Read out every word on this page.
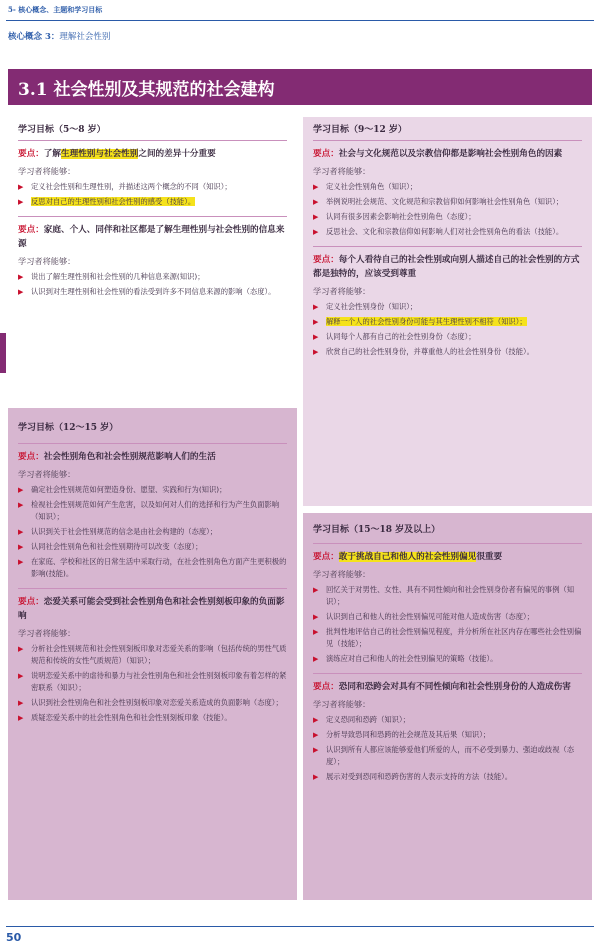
5- 核心概念、主题和学习目标
核心概念 3：理解社会性别
3.1 社会性别及其规范的社会建构
学习目标（5～8 岁）
要点：了解生理性别与社会性别之间的差异十分重要
学习者将能够：
▶ 定义社会性别和生理性别，并描述这两个概念的不同（知识）；
▶ 反思对自己的生理性别和社会性别的感受（技能）。
要点：家庭、个人、同伴和社区都是了解生理性别与社会性别的信息来源
学习者将能够：
▶ 说出了解生理性别和社会性别的几种信息来源(知识)；
▶ 认识到对生理性别和社会性别的看法受到许多不同信息来源的影响（态度）。
学习目标（9～12 岁）
要点：社会与文化规范以及宗教信仰都是影响社会性别角色的因素
学习者将能够：
▶ 定义社会性别角色（知识）；
▶ 举例说明社会规范、文化规范和宗教信仰如何影响社会性别角色（知识）；
▶ 认同有很多因素会影响社会性别角色（态度）；
▶ 反思社会、文化和宗教信仰如何影响人们对社会性别角色的看法（技能）。
要点：每个人看待自己的社会性别或向别人描述自己的社会性别的方式都是独特的，应该受到尊重
学习者将能够：
▶ 定义社会性别身份（知识）；
▶ 解释一个人的社会性别身份可能与其生理性别不相符（知识）；
▶ 认同每个人都有自己的社会性别身份（态度）；
▶ 欣赏自己的社会性别身份，并尊重他人的社会性别身份（技能）。
学习目标（12～15 岁）
要点：社会性别角色和社会性别规范影响人们的生活
学习者将能够：
▶ 确定社会性别规范如何塑造身份、愿望、实践和行为(知识)；
▶ 检视社会性别规范如何产生危害，以及如何对人们的选择和行为产生负面影响（知识）；
▶ 认识到关于社会性别规范的信念是由社会构建的（态度）；
▶ 认同社会性别角色和社会性别期待可以改变（态度）；
▶ 在家庭、学校和社区的日常生活中采取行动，在社会性别角色方面产生更积极的影响(技能)。
要点：恋爱关系可能会受到社会性别角色和社会性别刻板印象的负面影响
学习者将能够：
▶ 分析社会性别规范和社会性别刻板印象对恋爱关系的影响（包括传统的男性气质规范和传统的女性气质规范）（知识）；
▶ 说明恋爱关系中的虐待和暴力与社会性别角色和社会性别刻板印象有着怎样的紧密联系（知识）；
▶ 认识到社会性别角色和社会性别刻板印象对恋爱关系造成的负面影响（态度）；
▶ 质疑恋爱关系中的社会性别角色和社会性别刻板印象（技能）。
学习目标（15～18 岁及以上）
要点：敢于挑战自己和他人的社会性别偏见很重要
学习者将能够：
▶ 回忆关于对男性、女性、具有不同性倾向和社会性别身份者有偏见的事例（知识）；
▶ 认识到自己和他人的社会性别偏见可能对他人造成伤害（态度）；
▶ 批判性地评估自己的社会性别偏见程度，并分析所在社区内存在哪些社会性别偏见（技能）；
▶ 演练应对自己和他人的社会性别偏见的策略（技能）。
要点：恐同和恐跨会对具有不同性倾向和社会性别身份的人造成伤害
学习者将能够：
▶ 定义恐同和恐跨（知识）；
▶ 分析导致恐同和恐跨的社会规范及其后果（知识）；
▶ 认识到所有人都应该能够爱他们所爱的人，而不必受到暴力、强迫或歧视（态度）；
▶ 展示对受到恐同和恐跨伤害的人表示支持的方法（技能）。
50
